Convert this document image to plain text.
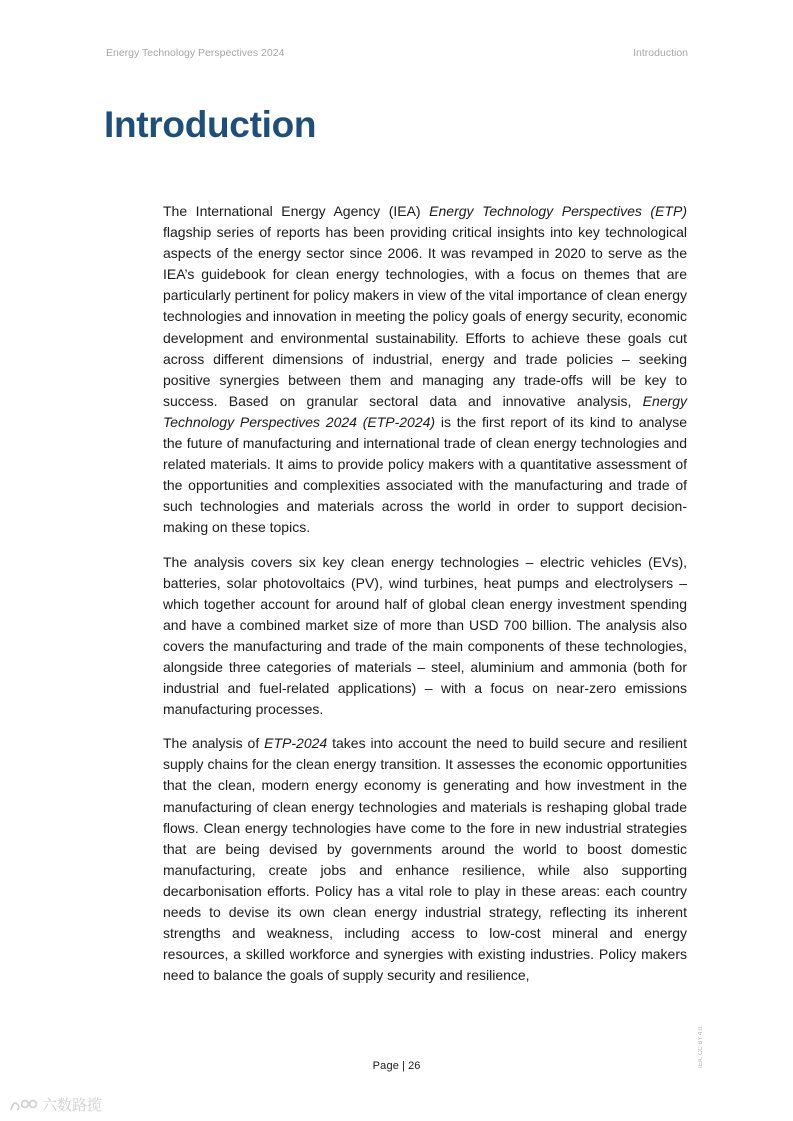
Energy Technology Perspectives 2024	Introduction
Introduction

The International Energy Agency (IEA) Energy Technology Perspectives (ETP) flagship series of reports has been providing critical insights into key technological aspects of the energy sector since 2006. It was revamped in 2020 to serve as the IEA’s guidebook for clean energy technologies, with a focus on themes that are particularly pertinent for policy makers in view of the vital importance of clean energy technologies and innovation in meeting the policy goals of energy security, economic development and environmental sustainability. Efforts to achieve these goals cut across different dimensions of industrial, energy and trade policies – seeking positive synergies between them and managing any trade-offs will be key to success. Based on granular sectoral data and innovative analysis, Energy Technology Perspectives 2024 (ETP-2024) is the first report of its kind to analyse the future of manufacturing and international trade of clean energy technologies and related materials. It aims to provide policy makers with a quantitative assessment of the opportunities and complexities associated with the manufacturing and trade of such technologies and materials across the world in order to support decision-making on these topics.

The analysis covers six key clean energy technologies – electric vehicles (EVs), batteries, solar photovoltaics (PV), wind turbines, heat pumps and electrolysers – which together account for around half of global clean energy investment spending and have a combined market size of more than USD 700 billion. The analysis also covers the manufacturing and trade of the main components of these technologies, alongside three categories of materials – steel, aluminium and ammonia (both for industrial and fuel-related applications) – with a focus on near-zero emissions manufacturing processes.

The analysis of ETP-2024 takes into account the need to build secure and resilient supply chains for the clean energy transition. It assesses the economic opportunities that the clean, modern energy economy is generating and how investment in the manufacturing of clean energy technologies and materials is reshaping global trade flows. Clean energy technologies have come to the fore in new industrial strategies that are being devised by governments around the world to boost domestic manufacturing, create jobs and enhance resilience, while also supporting decarbonisation efforts. Policy has a vital role to play in these areas: each country needs to devise its own clean energy industrial strategy, reflecting its inherent strengths and weakness, including access to low-cost mineral and energy resources, a skilled workforce and synergies with existing industries. Policy makers need to balance the goals of supply security and resilience,

Page | 26	IEA. CC BY 4.0.
六数路揽
